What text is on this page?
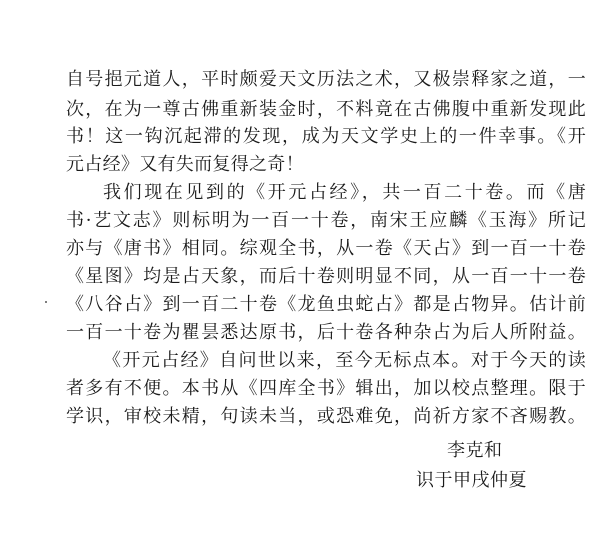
自号挹元道人，平时颇爱天文历法之术，又极崇释家之道，一
次，在为一尊古佛重新装金时，不料竟在古佛腹中重新发现此
书！这一钩沉起滞的发现，成为天文学史上的一件幸事。《开
元占经》又有失而复得之奇！
我们现在见到的《开元占经》，共一百二十卷。而《唐
书·艺文志》则标明为一百一十卷，南宋王应麟《玉海》所记
亦与《唐书》相同。综观全书，从一卷《天占》到一百一十卷
《星图》均是占天象，而后十卷则明显不同，从一百一十一卷
《八谷占》到一百二十卷《龙鱼虫蛇占》都是占物异。估计前
一百一十卷为瞿昙悉达原书，后十卷各种杂占为后人所附益。
《开元占经》自问世以来，至今无标点本。对于今天的读
者多有不便。本书从《四库全书》辑出，加以校点整理。限于
学识，审校未精，句读未当，或恐难免，尚祈方家不吝赐教。
李克和
识于甲戌仲夏
